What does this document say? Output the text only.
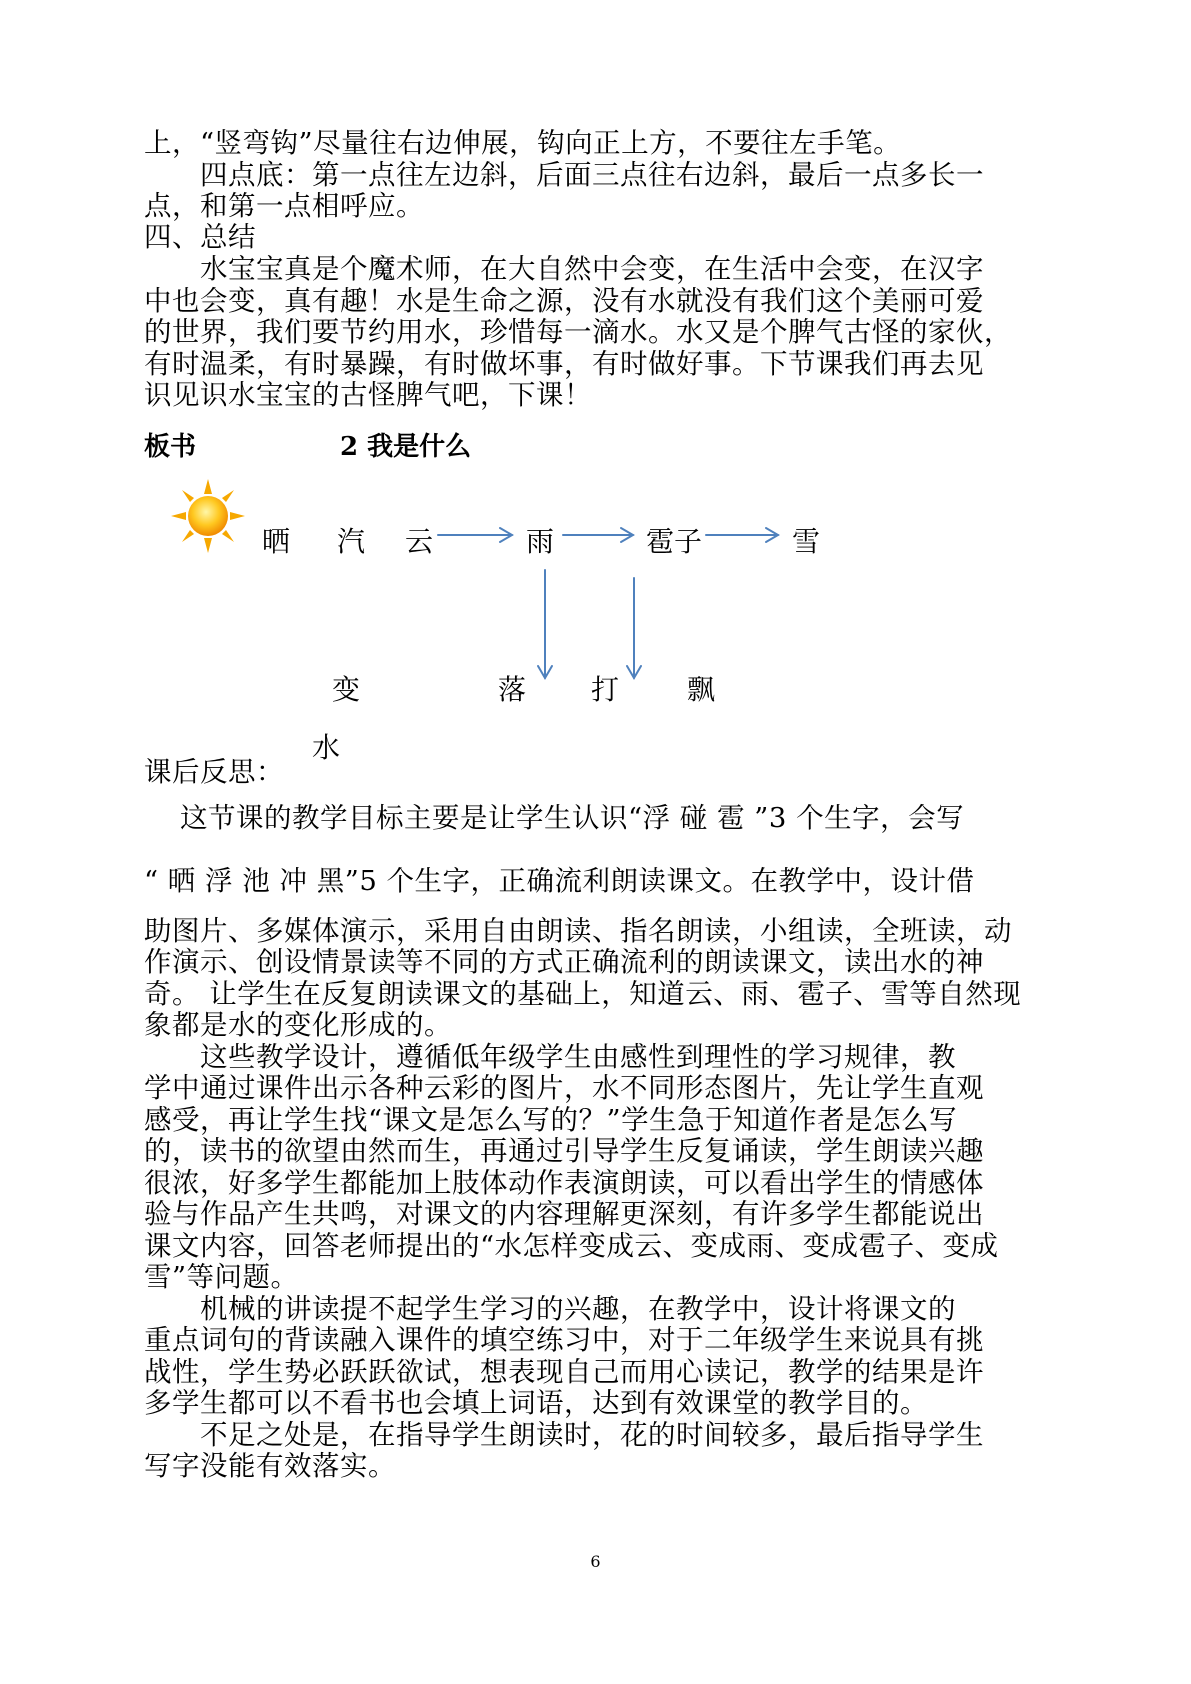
上，“竖弯钩”尽量往右边伸展，钩向正上方，不要往左手笔。
　　四点底：第一点往左边斜，后面三点往右边斜，最后一点多长一
点，和第一点相呼应。
四、总结
　　水宝宝真是个魔术师，在大自然中会变，在生活中会变，在汉字
中也会变，真有趣！水是生命之源，没有水就没有我们这个美丽可爱
的世界，我们要节约用水，珍惜每一滴水。水又是个脾气古怪的家伙，
有时温柔，有时暴躁，有时做坏事，有时做好事。下节课我们再去见
识见识水宝宝的古怪脾气吧，下课！
板书	2 我是什么
晒 汽 云	雨	雹子	雪
变	落 打 飘
水
课后反思：
这节课的教学目标主要是让学生认识“浮 碰 雹 ”3 个生字，会写
“ 晒 浮 池 冲 黑”5 个生字，正确流利朗读课文。在教学中，设计借
助图片、多媒体演示，采用自由朗读、指名朗读，小组读，全班读，动
作演示、创设情景读等不同的方式正确流利的朗读课文，读出水的神
奇。 让学生在反复朗读课文的基础上，知道云、雨、雹子、雪等自然现
象都是水的变化形成的。
　　这些教学设计，遵循低年级学生由感性到理性的学习规律，教
学中通过课件出示各种云彩的图片，水不同形态图片，先让学生直观
感受，再让学生找“课文是怎么写的？”学生急于知道作者是怎么写
的，读书的欲望由然而生，再通过引导学生反复诵读，学生朗读兴趣
很浓，好多学生都能加上肢体动作表演朗读，可以看出学生的情感体
验与作品产生共鸣，对课文的内容理解更深刻，有许多学生都能说出
课文内容，回答老师提出的“水怎样变成云、变成雨、变成雹子、变成
雪”等问题。
　　机械的讲读提不起学生学习的兴趣，在教学中，设计将课文的
重点词句的背读融入课件的填空练习中，对于二年级学生来说具有挑
战性，学生势必跃跃欲试，想表现自己而用心读记，教学的结果是许
多学生都可以不看书也会填上词语，达到有效课堂的教学目的。
　　不足之处是，在指导学生朗读时，花的时间较多，最后指导学生
写字没能有效落实。
6
